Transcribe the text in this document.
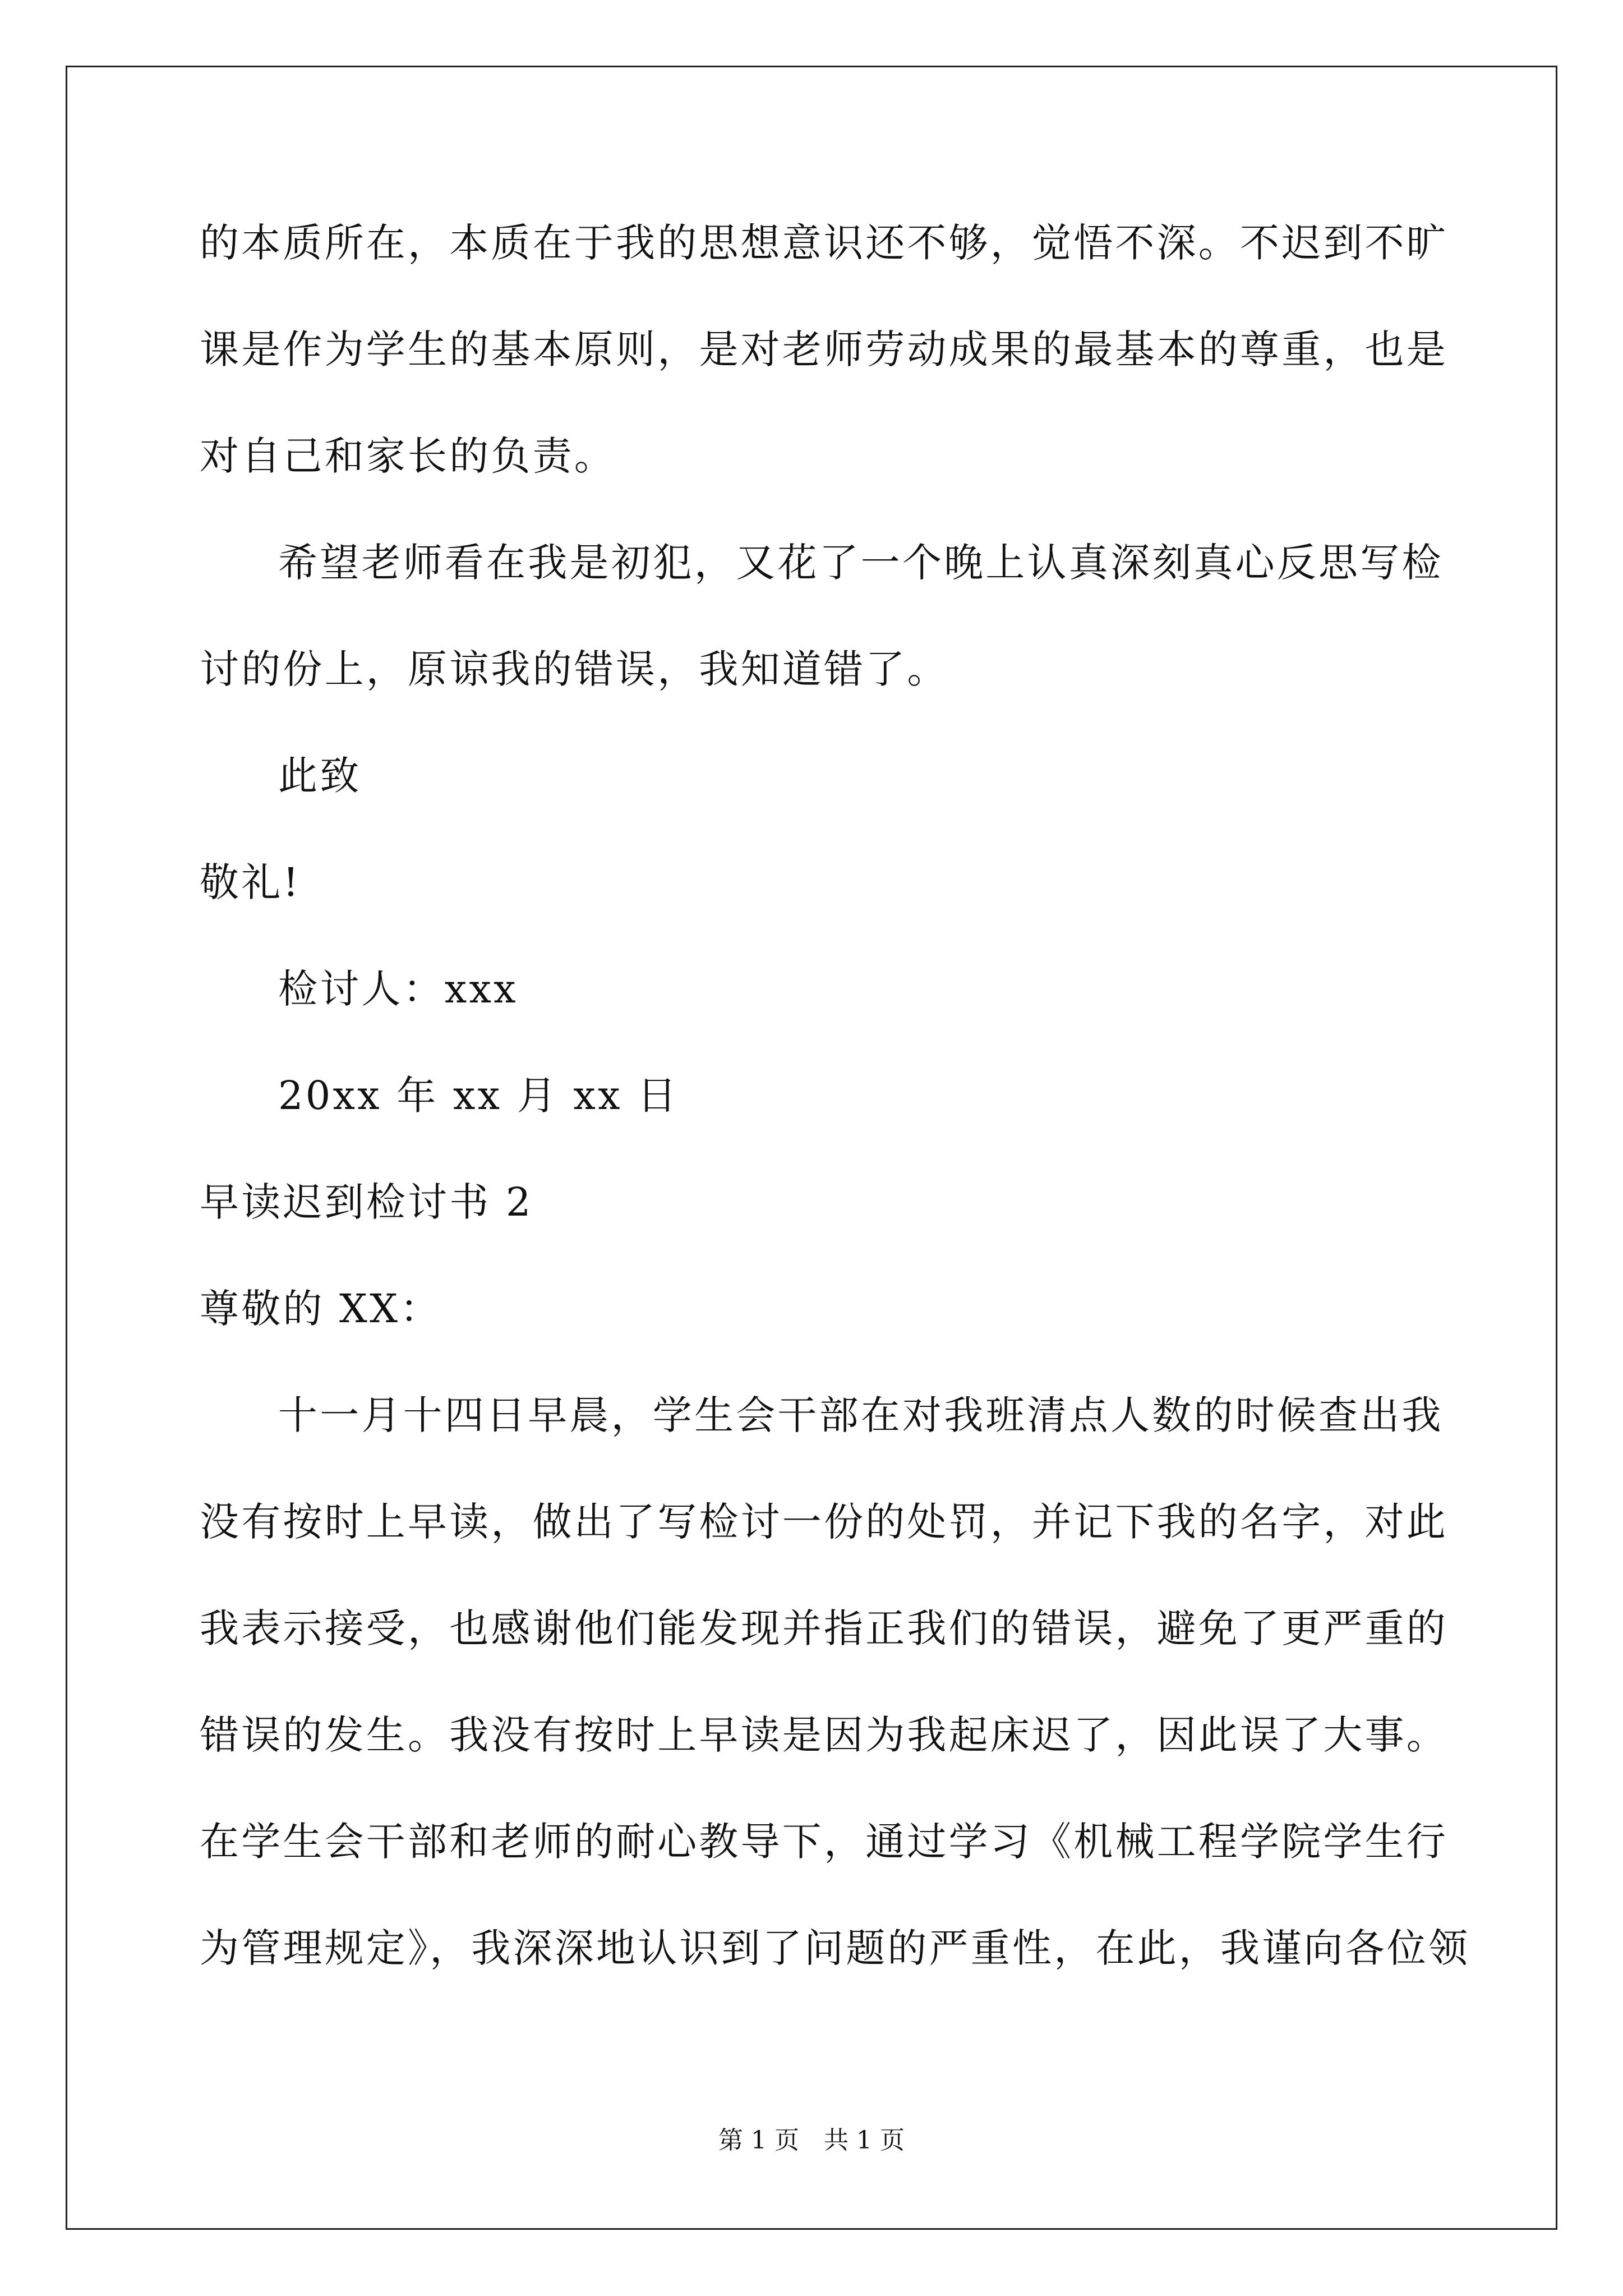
的本质所在，本质在于我的思想意识还不够，觉悟不深。不迟到不旷
课是作为学生的基本原则，是对老师劳动成果的最基本的尊重，也是
对自己和家长的负责。
希望老师看在我是初犯，又花了一个晚上认真深刻真心反思写检
讨的份上，原谅我的错误，我知道错了。
此致
敬礼!
检讨人：xxx
20xx 年 xx 月 xx 日
早读迟到检讨书 2
尊敬的 XX：
十一月十四日早晨，学生会干部在对我班清点人数的时候查出我
没有按时上早读，做出了写检讨一份的处罚，并记下我的名字，对此
我表示接受，也感谢他们能发现并指正我们的错误，避免了更严重的
错误的发生。我没有按时上早读是因为我起床迟了，因此误了大事。
在学生会干部和老师的耐心教导下，通过学习《机械工程学院学生行
为管理规定》，我深深地认识到了问题的严重性，在此，我谨向各位领
第 1 页　共 1 页
